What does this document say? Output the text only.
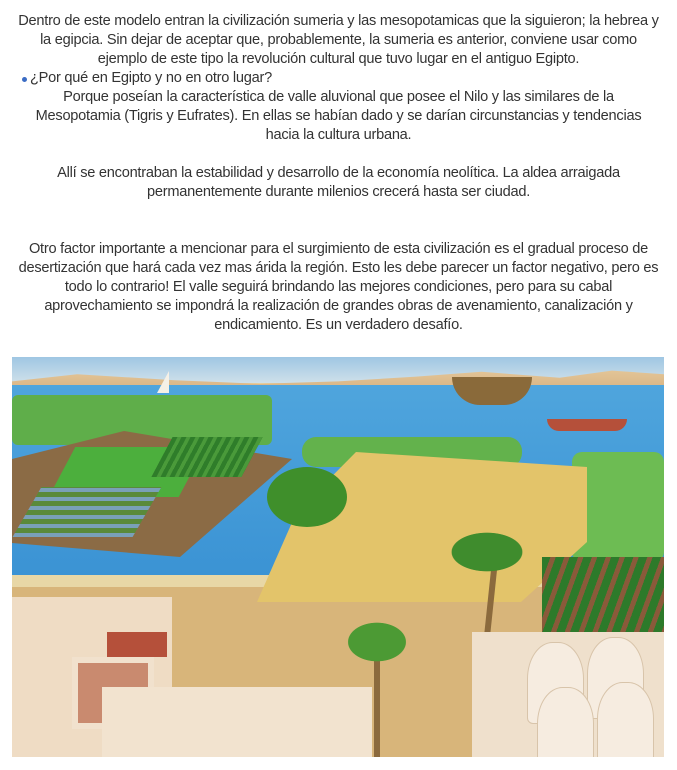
Dentro de este modelo entran la civilización sumeria y las mesopotamicas que la siguieron; la hebrea y la egipcia. Sin dejar de aceptar que, probablemente, la sumeria es anterior, conviene usar como ejemplo de este tipo la revolución cultural que tuvo lugar en el antiguo Egipto.

¿Por qué en Egipto y no en otro lugar?

Porque poseían la característica de valle aluvional que posee el Nilo y las similares de la Mesopotamia (Tigris y Eufrates). En ellas se habían dado y se darían circunstancias y tendencias hacia la cultura urbana.

Allí se encontraban la estabilidad y desarrollo de la economía neolítica. La aldea arraigada permanentemente durante milenios crecerá hasta ser ciudad.

Otro factor importante a mencionar para el surgimiento de esta civilización es el gradual proceso de desertización que hará cada vez mas árida la región. Esto les debe parecer un factor negativo, pero es todo lo contrario! El valle seguirá brindando las mejores condiciones, pero para su cabal aprovechamiento se impondrá la realización de grandes obras de avenamiento, canalización y endicamiento. Es un verdadero desafío.
